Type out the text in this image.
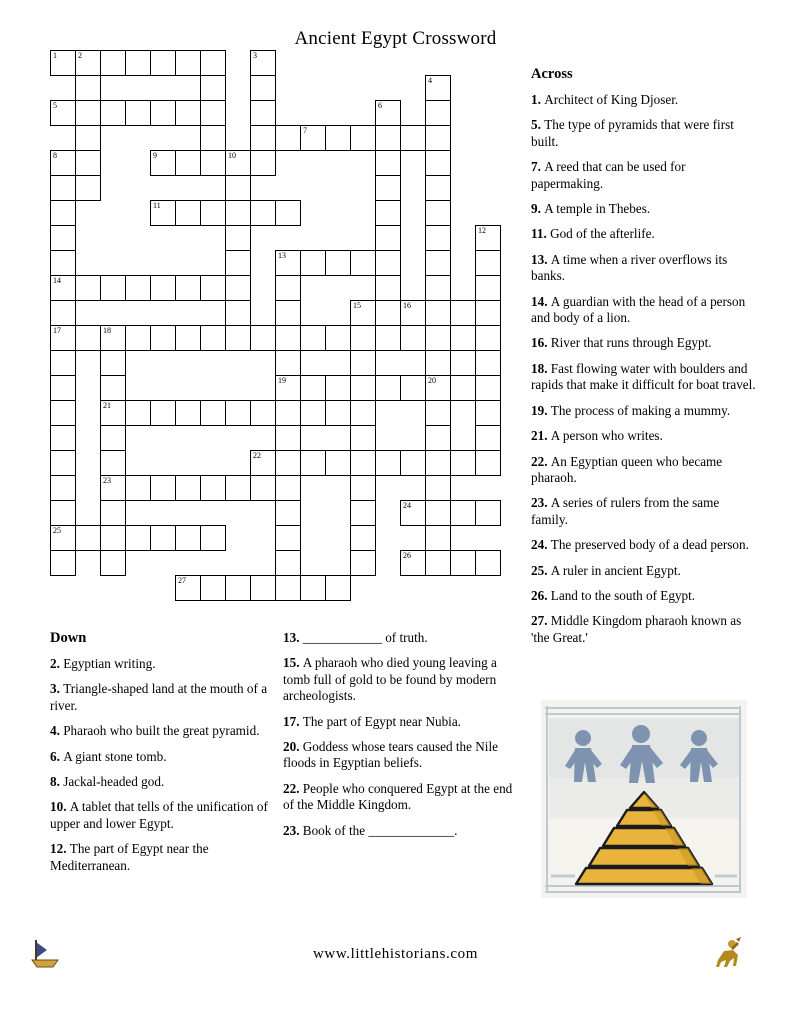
Ancient Egypt Crossword
1	2	3
4
5	6
7
8	9	10
11
12
13
14
15	16
17	18
19	20
21
22
23
24
25
26
27
Across
1. Architect of King Djoser.
5. The type of pyramids that were first built.
7. A reed that can be used for papermaking.
9. A temple in Thebes.
11. God of the afterlife.
13. A time when a river overflows its banks.
14. A guardian with the head of a person and body of a lion.
16. River that runs through Egypt.
18. Fast flowing water with boulders and rapids that make it difficult for boat travel.
19. The process of making a mummy.
21. A person who writes.
22. An Egyptian queen who became pharaoh.
23. A series of rulers from the same family.
24. The preserved body of a dead person.
25. A ruler in ancient Egypt.
26. Land to the south of Egypt.
27. Middle Kingdom pharaoh known as 'the Great.'
Down
2. Egyptian writing.
3. Triangle-shaped land at the mouth of a river.
4. Pharaoh who built the great pyramid.
6. A giant stone tomb.
8. Jackal-headed god.
10. A tablet that tells of the unification of upper and lower Egypt.
12. The part of Egypt near the Mediterranean.
13. ____________ of truth.
15. A pharaoh who died young leaving a tomb full of gold to be found by modern archeologists.
17. The part of Egypt near Nubia.
20. Goddess whose tears caused the Nile floods in Egyptian beliefs.
22. People who conquered Egypt at the end of the Middle Kingdom.
23. Book of the _____________.
www.littlehistorians.com
